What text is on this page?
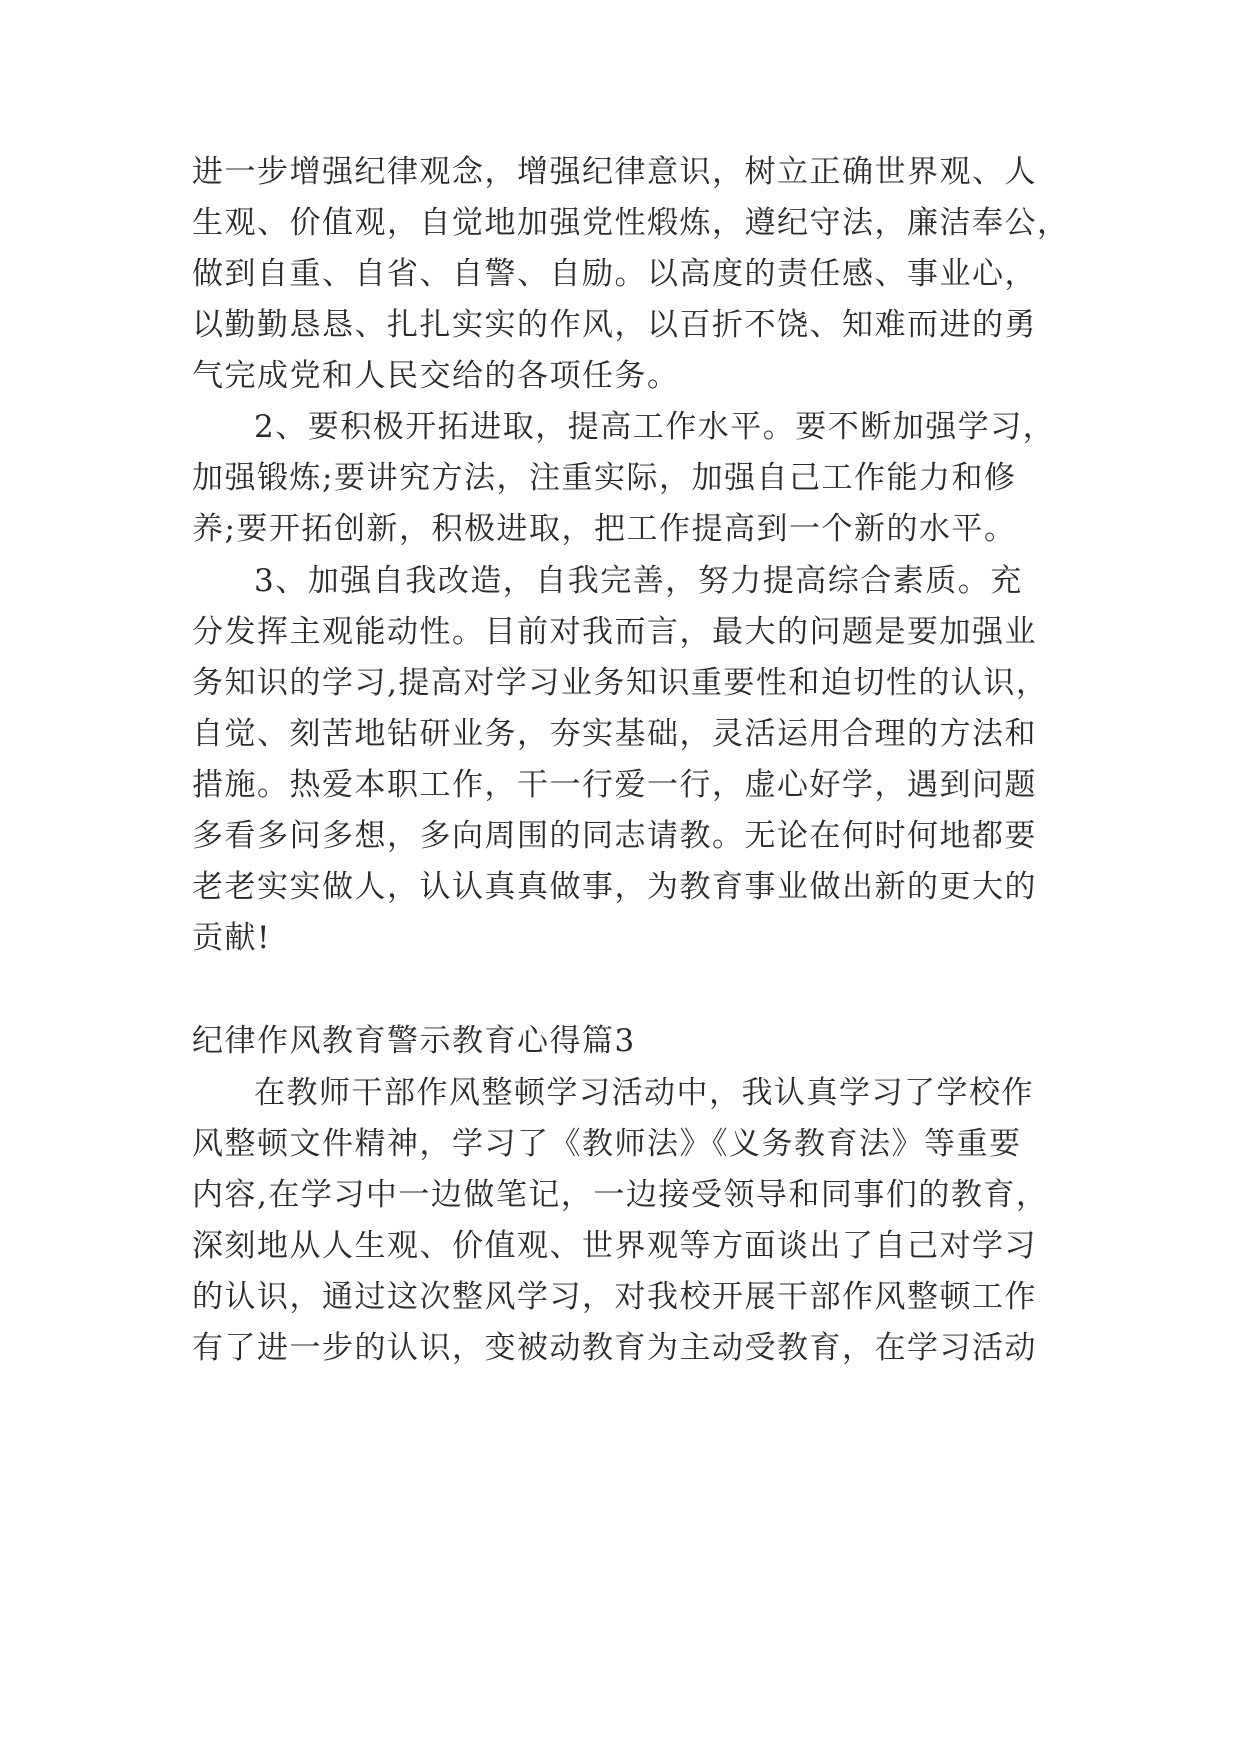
进一步增强纪律观念，增强纪律意识，树立正确世界观、人
生观、价值观，自觉地加强党性煅炼，遵纪守法，廉洁奉公，
做到自重、自省、自警、自励。以高度的责任感、事业心，
以勤勤恳恳、扎扎实实的作风，以百折不饶、知难而进的勇
气完成党和人民交给的各项任务。
2、要积极开拓进取，提高工作水平。要不断加强学习，
加强锻炼;要讲究方法，注重实际，加强自己工作能力和修
养;要开拓创新，积极进取，把工作提高到一个新的水平。
3、加强自我改造，自我完善，努力提高综合素质。充
分发挥主观能动性。目前对我而言，最大的问题是要加强业
务知识的学习,提高对学习业务知识重要性和迫切性的认识，
自觉、刻苦地钻研业务，夯实基础，灵活运用合理的方法和
措施。热爱本职工作，干一行爱一行，虚心好学，遇到问题
多看多问多想，多向周围的同志请教。无论在何时何地都要
老老实实做人，认认真真做事，为教育事业做出新的更大的
贡献!
纪律作风教育警示教育心得篇3
在教师干部作风整顿学习活动中，我认真学习了学校作
风整顿文件精神，学习了《教师法》《义务教育法》等重要
内容,在学习中一边做笔记，一边接受领导和同事们的教育，
深刻地从人生观、价值观、世界观等方面谈出了自己对学习
的认识，通过这次整风学习，对我校开展干部作风整顿工作
有了进一步的认识，变被动教育为主动受教育，在学习活动
